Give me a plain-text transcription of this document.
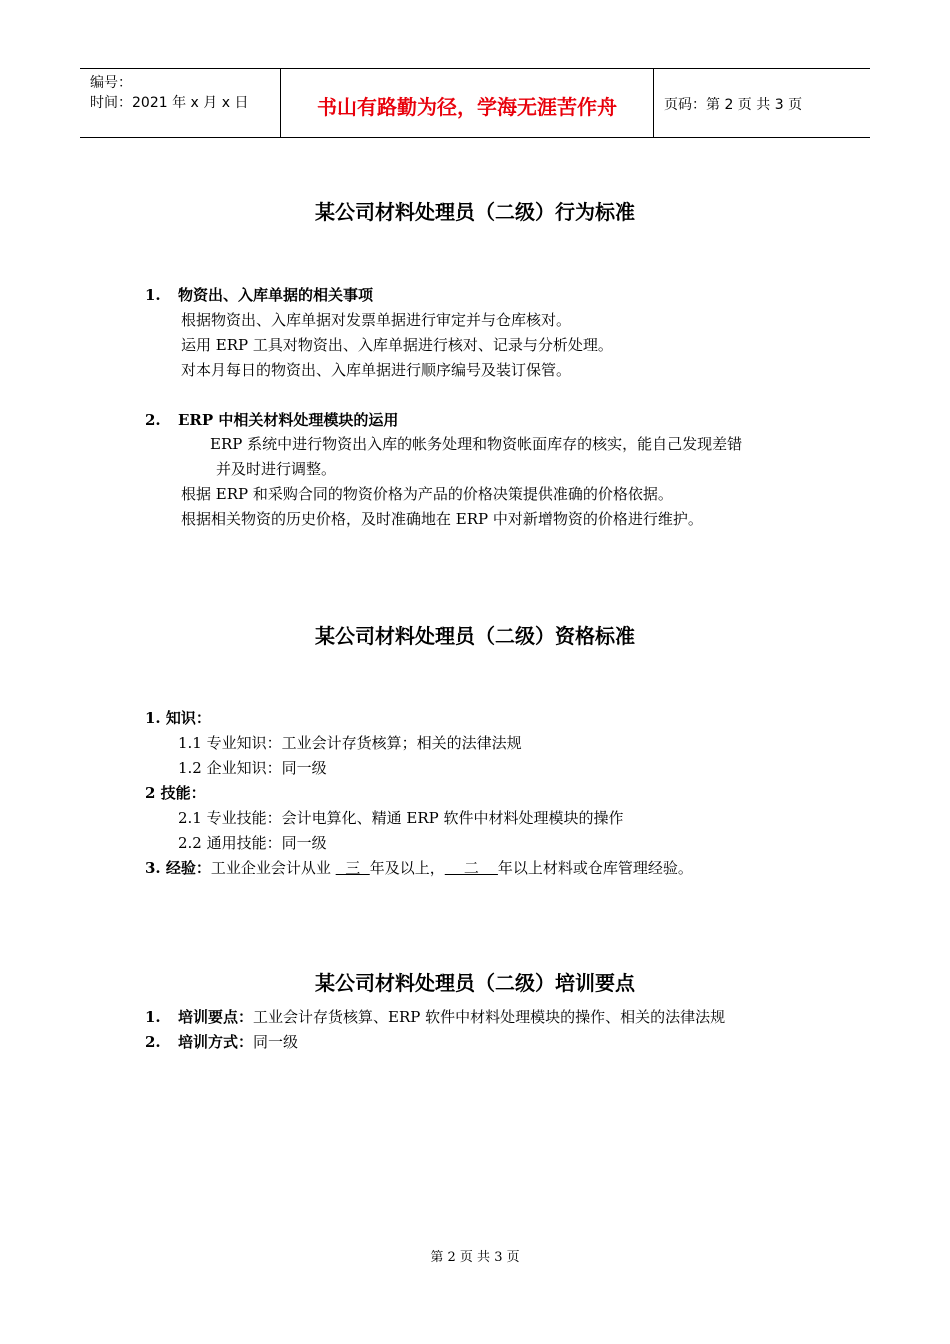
编号：
时间：2021 年 x 月 x 日	书山有路勤为径，学海无涯苦作舟	页码：第 2 页 共 3 页
某公司材料处理员（二级）行为标准
1. 物资出、入库单据的相关事项
根据物资出、入库单据对发票单据进行审定并与仓库核对。
运用 ERP 工具对物资出、入库单据进行核对、记录与分析处理。
对本月每日的物资出、入库单据进行顺序编号及装订保管。
2. ERP 中相关材料处理模块的运用
ERP 系统中进行物资出入库的帐务处理和物资帐面库存的核实，能自己发现差错
并及时进行调整。
根据 ERP 和采购合同的物资价格为产品的价格决策提供准确的价格依据。
根据相关物资的历史价格，及时准确地在 ERP 中对新增物资的价格进行维护。
某公司材料处理员（二级）资格标准
1. 知识：
1.1 专业知识：工业会计存货核算；相关的法律法规
1.2 企业知识：同一级
2 技能：
2.1 专业技能：会计电算化、精通 ERP 软件中材料处理模块的操作
2.2 通用技能：同一级
3. 经验：工业企业会计从业   三  年及以上，    二    年以上材料或仓库管理经验。
某公司材料处理员（二级）培训要点
1. 培训要点：工业会计存货核算、ERP 软件中材料处理模块的操作、相关的法律法规
2. 培训方式：同一级
第 2 页 共 3 页
